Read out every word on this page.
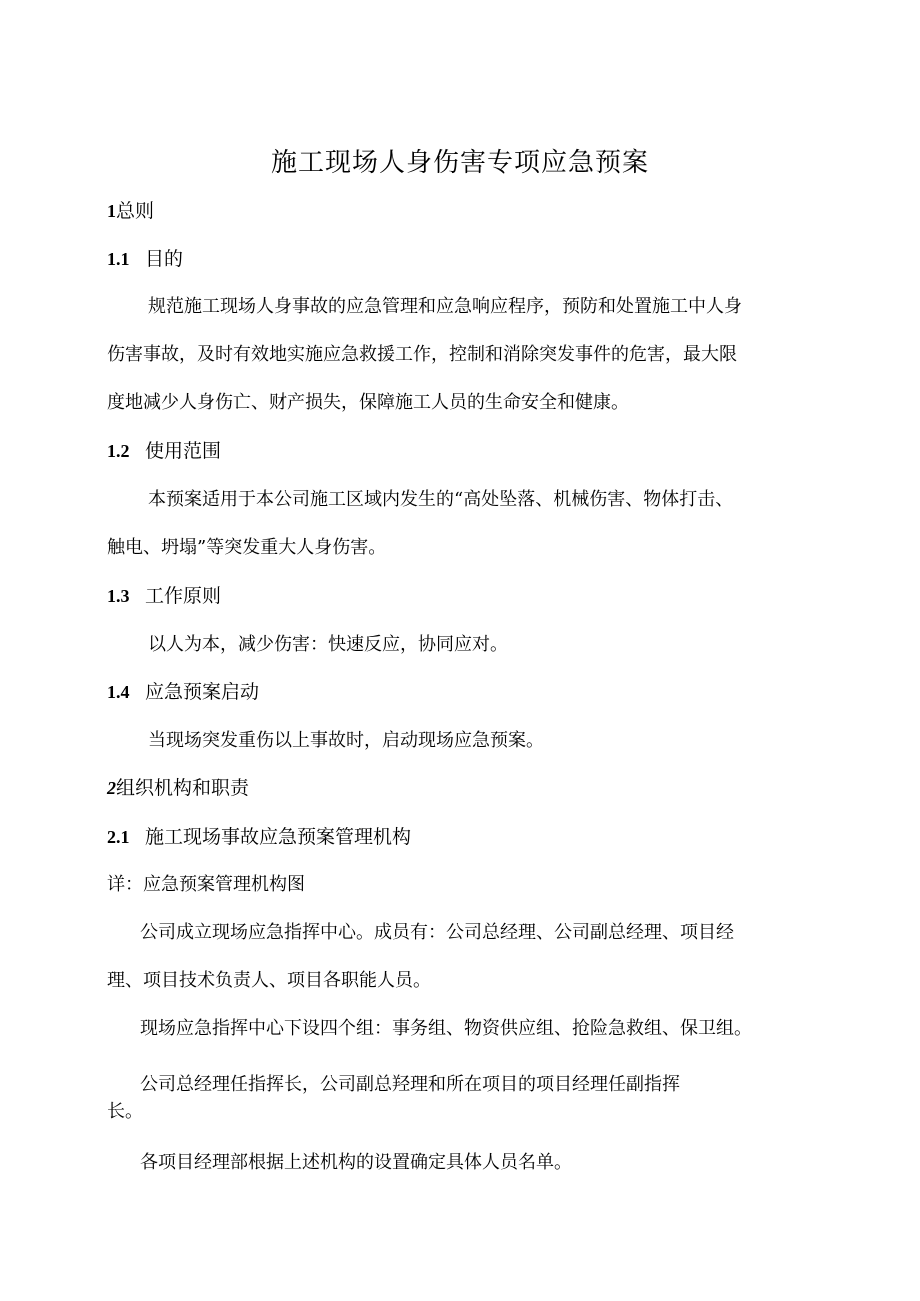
施工现场人身伤害专项应急预案
1总则
1.1 目的
规范施工现场人身事故的应急管理和应急响应程序，预防和处置施工中人身
伤害事故，及时有效地实施应急救援工作，控制和消除突发事件的危害，最大限
度地减少人身伤亡、财产损失，保障施工人员的生命安全和健康。
1.2 使用范围
本预案适用于本公司施工区域内发生的“高处坠落、机械伤害、物体打击、
触电、坍塌”等突发重大人身伤害。
1.3 工作原则
以人为本，减少伤害：快速反应，协同应对。
1.4 应急预案启动
当现场突发重伤以上事故时，启动现场应急预案。
2组织机构和职责
2.1 施工现场事故应急预案管理机构
详：应急预案管理机构图
公司成立现场应急指挥中心。成员有：公司总经理、公司副总经理、项目经
理、项目技术负责人、项目各职能人员。
现场应急指挥中心下设四个组：事务组、物资供应组、抢险急救组、保卫组。
公司总经理任指挥长，公司副总羟理和所在项目的项目经理任副指挥
长。
各项目经理部根据上述机构的设置确定具体人员名单。
